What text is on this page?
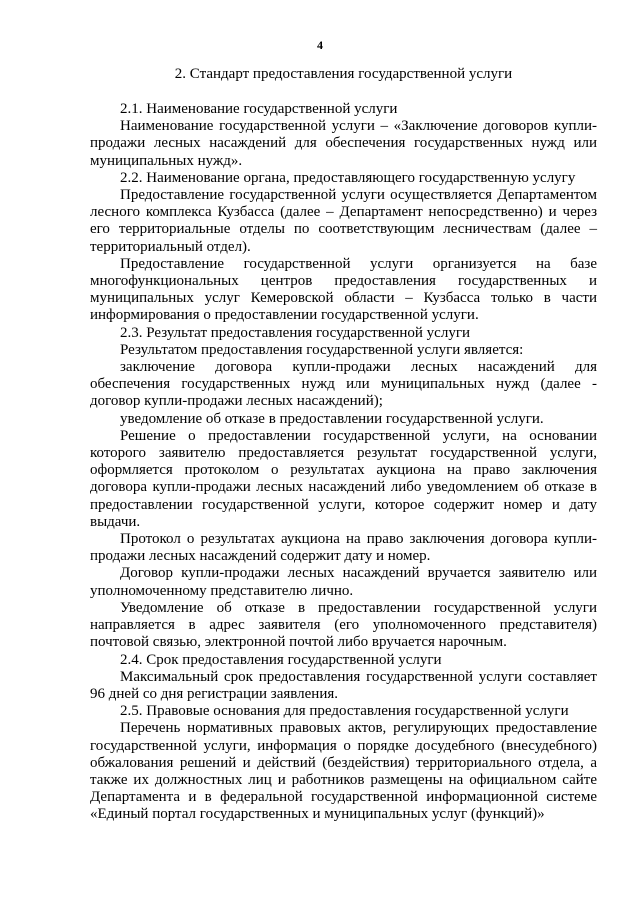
4
2. Стандарт предоставления государственной услуги

2.1. Наименование государственной услуги

Наименование государственной услуги – «Заключение договоров купли-продажи лесных насаждений для обеспечения государственных нужд или муниципальных нужд».

2.2. Наименование органа, предоставляющего государственную услугу

Предоставление государственной услуги осуществляется Департаментом лесного комплекса Кузбасса (далее – Департамент непосредственно) и через его территориальные отделы по соответствующим лесничествам (далее – территориальный отдел).

Предоставление государственной услуги организуется на базе многофункциональных центров предоставления государственных и муниципальных услуг Кемеровской области – Кузбасса только в части информирования о предоставлении государственной услуги.

2.3. Результат предоставления государственной услуги

Результатом предоставления государственной услуги является:

заключение договора купли-продажи лесных насаждений для обеспечения государственных нужд или муниципальных нужд (далее - договор купли-продажи лесных насаждений);

уведомление об отказе в предоставлении государственной услуги.

Решение о предоставлении государственной услуги, на основании которого заявителю предоставляется результат государственной услуги, оформляется протоколом о результатах аукциона на право заключения договора купли-продажи лесных насаждений либо уведомлением об отказе в предоставлении государственной услуги, которое содержит номер и дату выдачи.

Протокол о результатах аукциона на право заключения договора купли-продажи лесных насаждений содержит дату и номер.

Договор купли-продажи лесных насаждений вручается заявителю или уполномоченному представителю лично.

Уведомление об отказе в предоставлении государственной услуги направляется в адрес заявителя (его уполномоченного представителя) почтовой связью, электронной почтой либо вручается нарочным.

2.4. Срок предоставления государственной услуги

Максимальный срок предоставления государственной услуги составляет 96 дней со дня регистрации заявления.

2.5. Правовые основания для предоставления государственной услуги

Перечень нормативных правовых актов, регулирующих предоставление государственной услуги, информация о порядке досудебного (внесудебного) обжалования решений и действий (бездействия) территориального отдела, а также их должностных лиц и работников размещены на официальном сайте Департамента и в федеральной государственной информационной системе «Единый портал государственных и муниципальных услуг (функций)»
